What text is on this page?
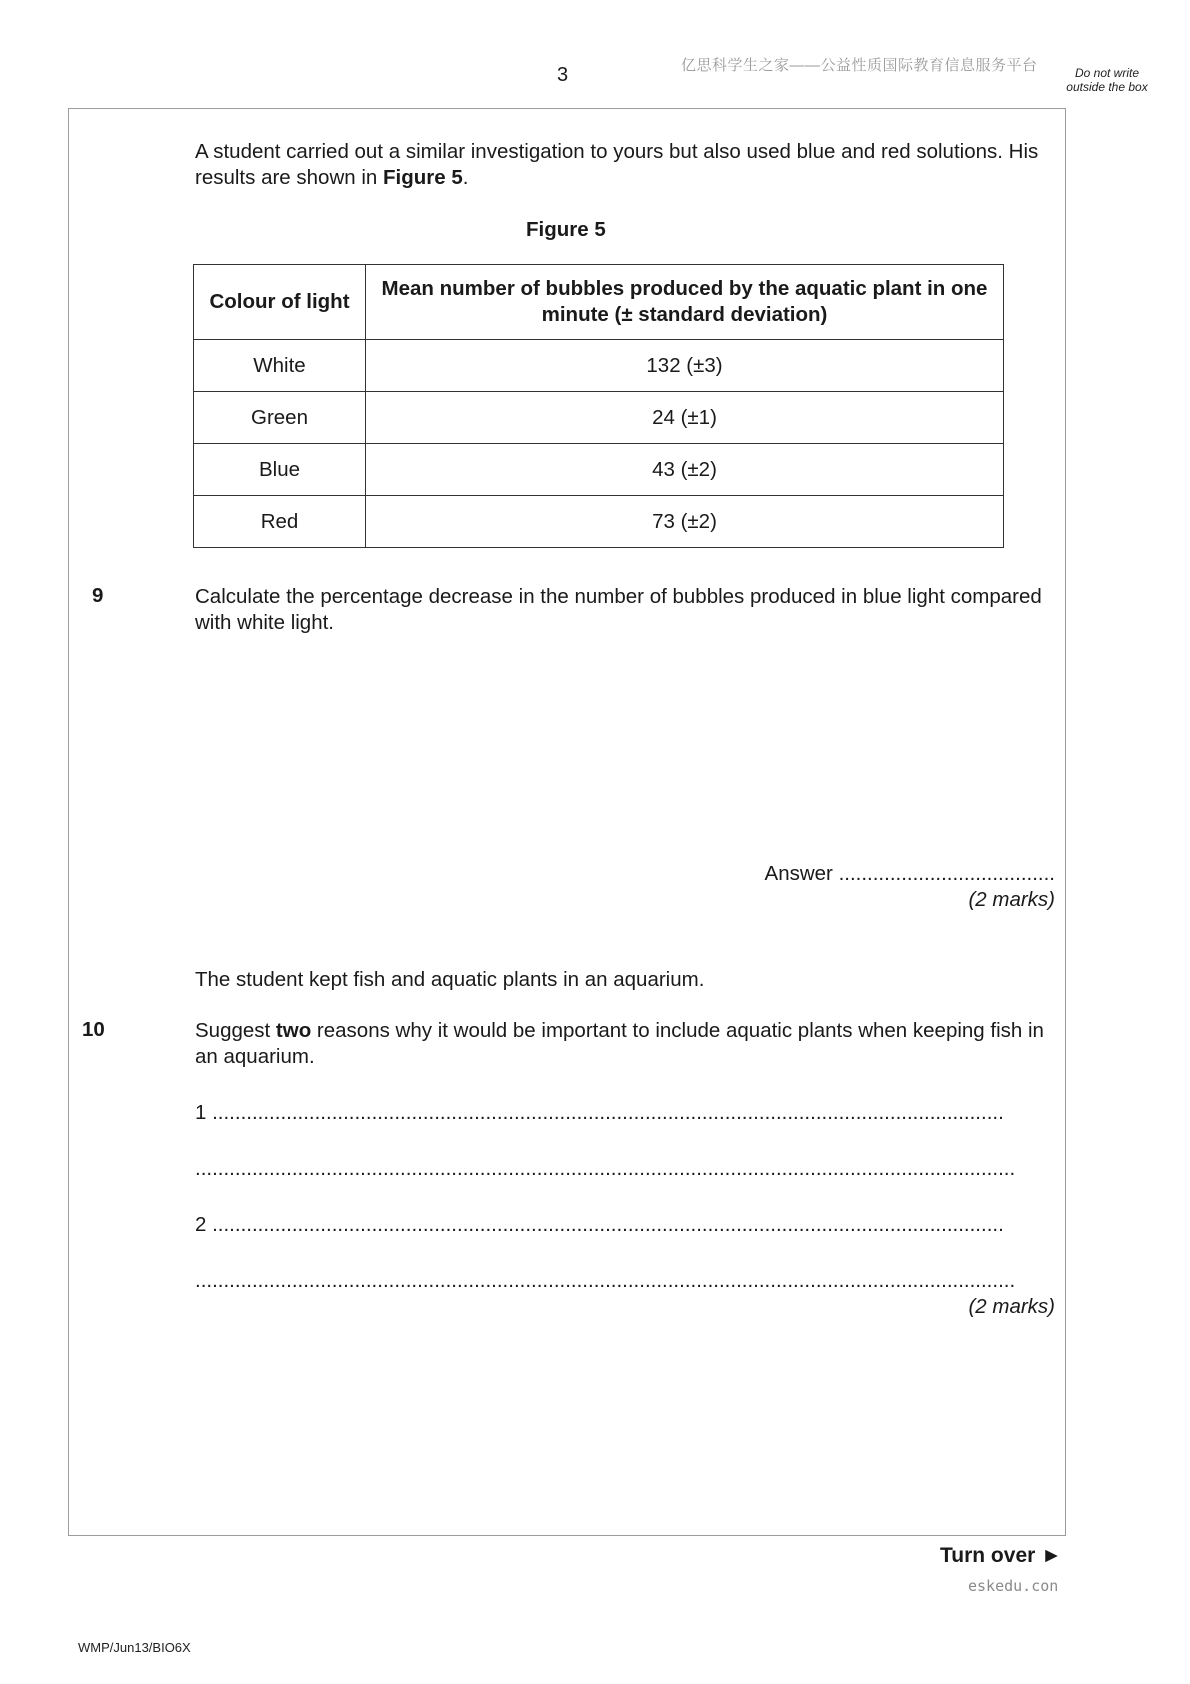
3	亿思科学生之家——公益性质国际教育信息服务平台	Do not write outside the box
A student carried out a similar investigation to yours but also used blue and red solutions. His results are shown in Figure 5.
Figure 5
Colour of light	Mean number of bubbles produced by the aquatic plant in one minute (± standard deviation)

White	132 (±3)
Green	24 (±1)
Blue	43 (±2)
Red	73 (±2)
9	Calculate the percentage decrease in the number of bubbles produced in blue light compared with white light.
Answer ......................................
(2 marks)
The student kept fish and aquatic plants in an aquarium.
10	Suggest two reasons why it would be important to include aquatic plants when keeping fish in an aquarium.
1 ...........................................................................................................................................
................................................................................................................................................
2 ...........................................................................................................................................
................................................................................................................................................
(2 marks)
Turn over ►
eskedu.con
WMP/Jun13/BIO6X
